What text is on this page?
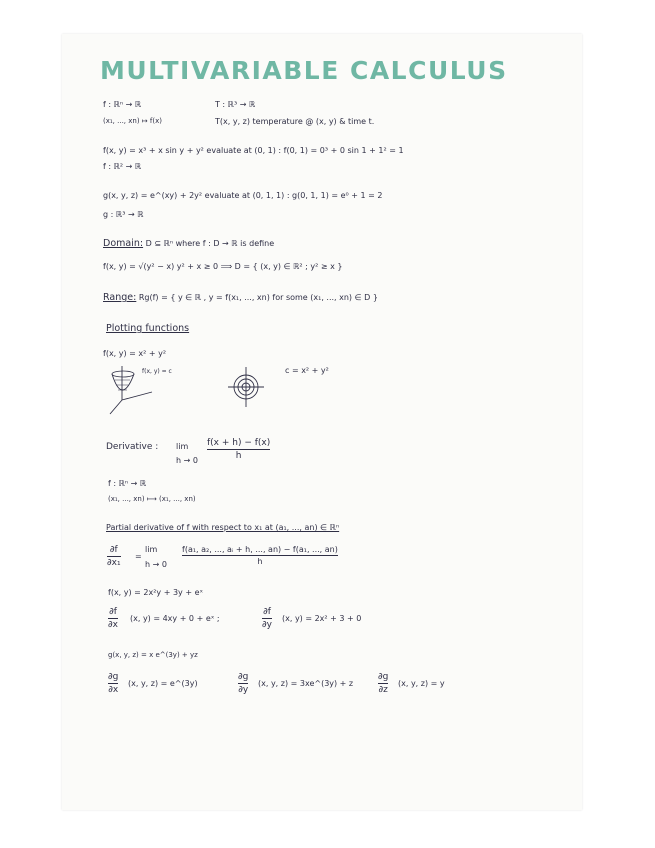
MULTIVARIABLE CALCULUS
f : ℝⁿ → ℝ	T : ℝ³ → ℝ
(x₁, ..., xn) ↦ f(x)	T(x, y, z) temperature @ (x, y) & time t.
f(x, y) = x³ + x sin y + y² evaluate at (0, 1) : f(0, 1) = 0³ + 0 sin 1 + 1² = 1
f : ℝ² → ℝ
g(x, y, z) = e^(xy) + 2y² evaluate at (0, 1, 1) : g(0, 1, 1) = e⁰ + 1 = 2
g : ℝ³ → ℝ
Domain: D ⊆ ℝⁿ where f : D → ℝ is define
f(x, y) = √(y² − x) y² + x ≥ 0 ⟹ D = { (x, y) ∈ ℝ² ; y² ≥ x }
Range: Rg(f) = { y ∈ ℝ , y = f(x₁, ..., xn) for some (x₁, ..., xn) ∈ D }
Plotting functions
f(x, y) = x² + y²
f(x, y) = c	c = x² + y²
Derivative : lim
h → 0
f(x + h) − f(x)
h
f : ℝⁿ → ℝ
(x₁, ..., xn) ⟼ (x₁, ..., xn)
Partial derivative of f with respect to x₁ at (a₁, ..., an) ∈ ℝⁿ
∂f
∂x₁
=
lim
h → 0
f(a₁, a₂, ..., aᵢ + h, ..., an) − f(a₁, ..., an)
h
f(x, y) = 2x²y + 3y + eˣ
∂f
∂x
(x, y) = 4xy + 0 + eˣ ;
∂f
∂y
(x, y) = 2x² + 3 + 0
g(x, y, z) = x e^(3y) + yz
∂g
∂x
(x, y, z) = e^(3y)
∂g
∂y
(x, y, z) = 3xe^(3y) + z
∂g
∂z
(x, y, z) = y
